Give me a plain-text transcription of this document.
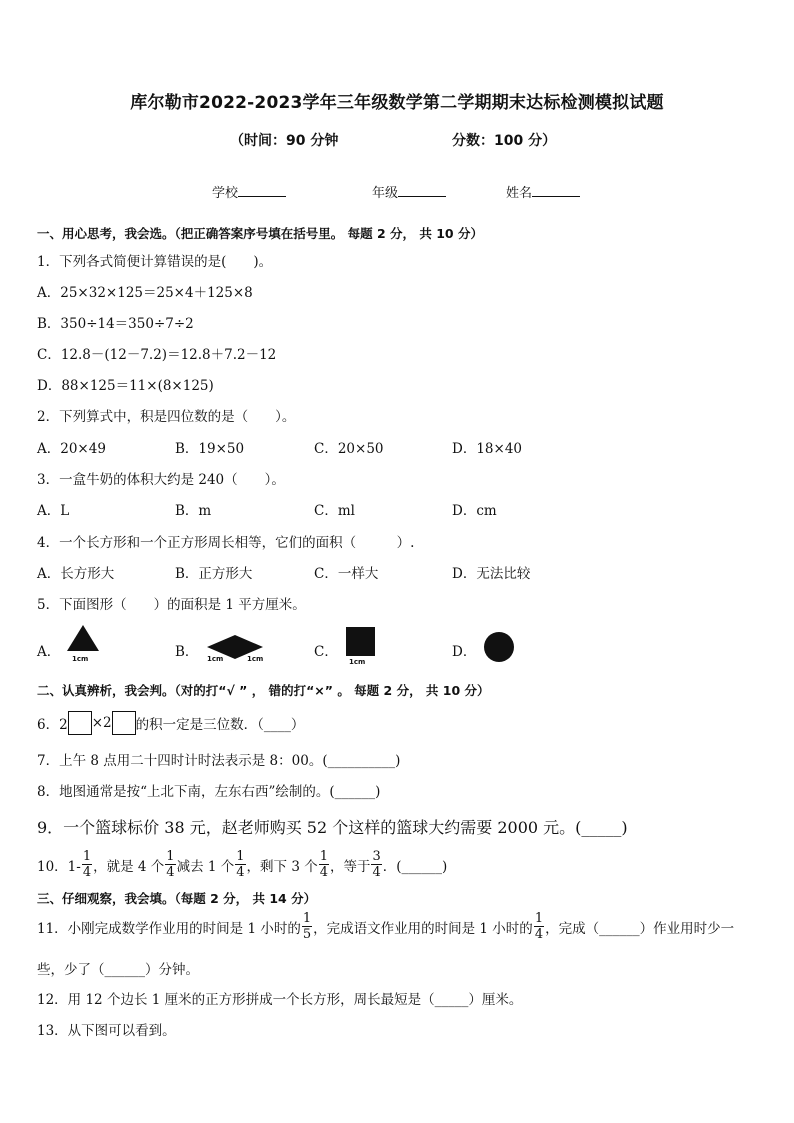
库尔勒市2022-2023学年三年级数学第二学期期末达标检测模拟试题
（时间：90 分钟	分数：100 分）
学校	年级	姓名
一、用心思考，我会选。（把正确答案序号填在括号里。 每题 2 分， 共 10 分）
1．下列各式简便计算错误的是(　　)。
A．25×32×125＝25×4＋125×8
B．350÷14＝350÷7÷2
C．12.8－(12－7.2)＝12.8＋7.2－12
D．88×125＝11×(8×125)
2．下列算式中，积是四位数的是（　　）。
A．20×49	B．19×50	C．20×50	D．18×40
3．一盒牛奶的体积大约是 240（　　）。
A．L	B．m	C．ml	D．cm
4．一个长方形和一个正方形周长相等，它们的面积（　　　）.
A．长方形大	B．正方形大	C．一样大	D．无法比较
5．下面图形（　　）的面积是 1 平方厘米。
A． 1cm	B． 1cm	1cm	C．
1cm
D．
二、认真辨析，我会判。（对的打“√ ” ， 错的打“×” 。 每题 2 分， 共 10 分）
6．2 ×2 的积一定是三位数．（____）
7．上午 8 点用二十四时计时法表示是 8：00。(__________)
8．地图通常是按“上北下南，左东右西”绘制的。(______)
9．一个篮球标价 38 元，赵老师购买 52 个这样的篮球大约需要 2000 元。(_____)
10．$1- \frac{1}{4}$ ，就是 4 个 $\frac{1}{4}$ 减去 1 个 $\frac{1}{4}$ ，剩下 3 个 $\frac{1}{4}$ ，等于 $\frac{3}{4}$ ．(______)
三、仔细观察，我会填。（每题 2 分， 共 14 分）
11．小刚完成数学作业用的时间是 1 小时的 $\frac{1}{5}$ ，完成语文作业用的时间是 1 小时的 $\frac{1}{4}$ ，完成（______）作业用时少一
些，少了（______）分钟。
12．用 12 个边长 1 厘米的正方形拼成一个长方形，周长最短是（_____）厘米。
13．从下图可以看到。
